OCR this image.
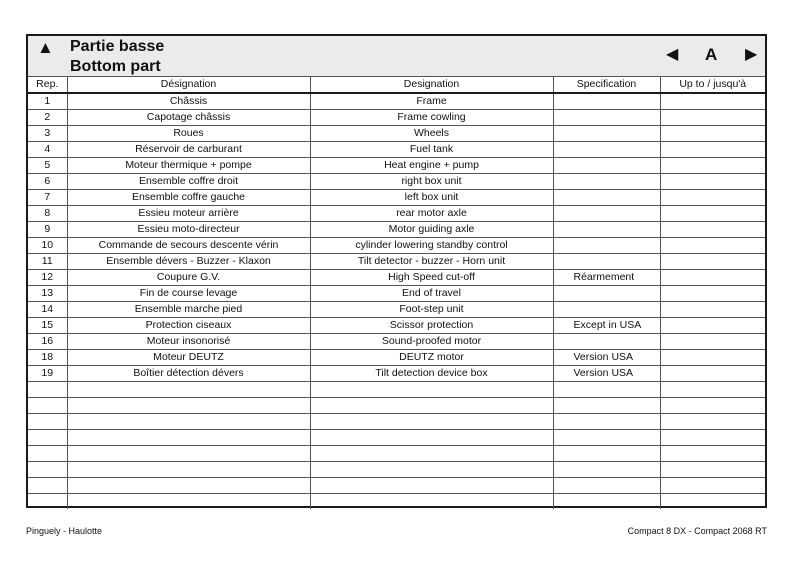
▲ Partie basse
Bottom part
◀ A ▶
Rep.	Désignation	Designation	Specification	Up to / jusqu'à
1	Châssis	Frame		
2	Capotage châssis	Frame cowling		
3	Roues	Wheels		
4	Réservoir de carburant	Fuel tank		
5	Moteur thermique + pompe	Heat engine + pump		
6	Ensemble coffre droit	right box unit		
7	Ensemble coffre gauche	left box unit		
8	Essieu moteur arrière	rear motor axle		
9	Essieu moto-directeur	Motor guiding axle		
10	Commande de secours descente vérin	cylinder lowering standby control		
11	Ensemble dévers - Buzzer - Klaxon	Tilt detector - buzzer - Horn unit		
12	Coupure G.V.	High Speed cut-off	Réarmement	
13	Fin de course levage	End of travel		
14	Ensemble marche pied	Foot-step unit		
15	Protection ciseaux	Scissor protection	Except in USA	
16	Moteur insonorisé	Sound-proofed motor		
18	Moteur DEUTZ	DEUTZ motor	Version USA	
19	Boîtier détection dévers	Tilt detection device box	Version USA	

Pinguely - Haulotte	Compact 8 DX - Compact 2068 RT
